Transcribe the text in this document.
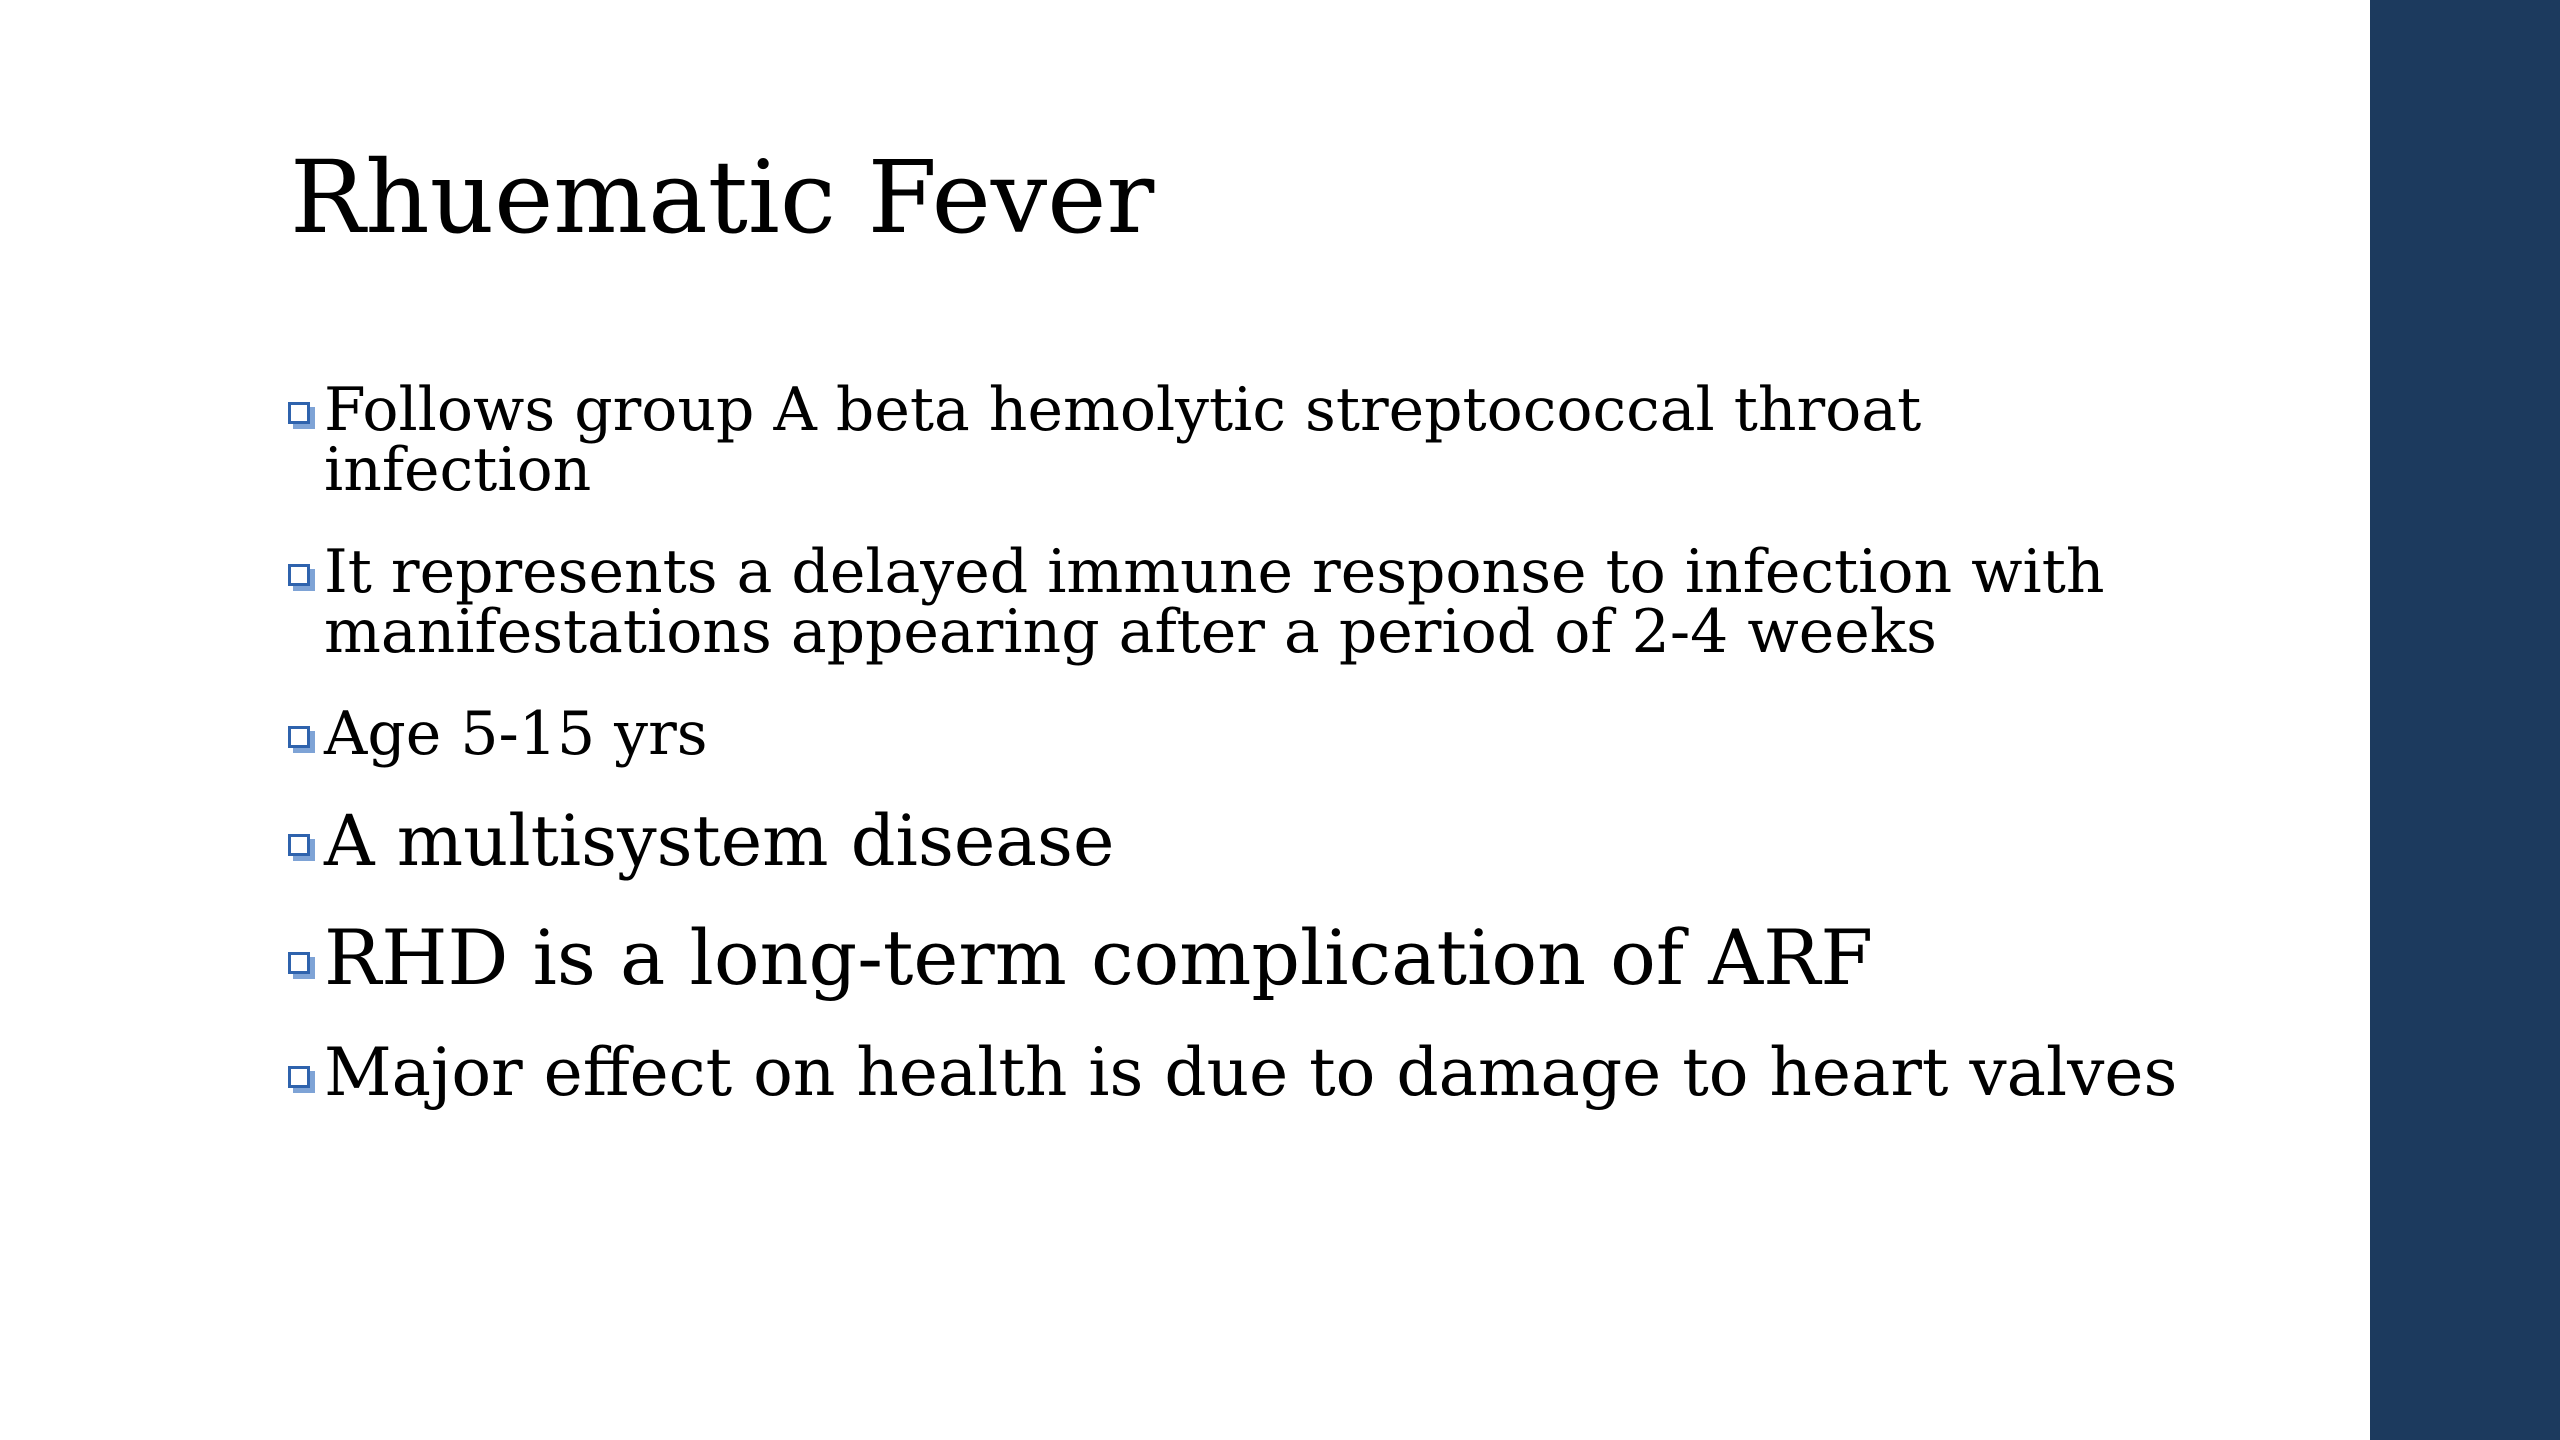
Rhuematic Fever
Follows group A beta hemolytic streptococcal throat infection
It represents a delayed immune response to infection with manifestations appearing after a period of 2-4 weeks
Age 5-15 yrs
A multisystem disease
RHD is a long-term complication of ARF
Major effect on health is due to damage to heart valves
